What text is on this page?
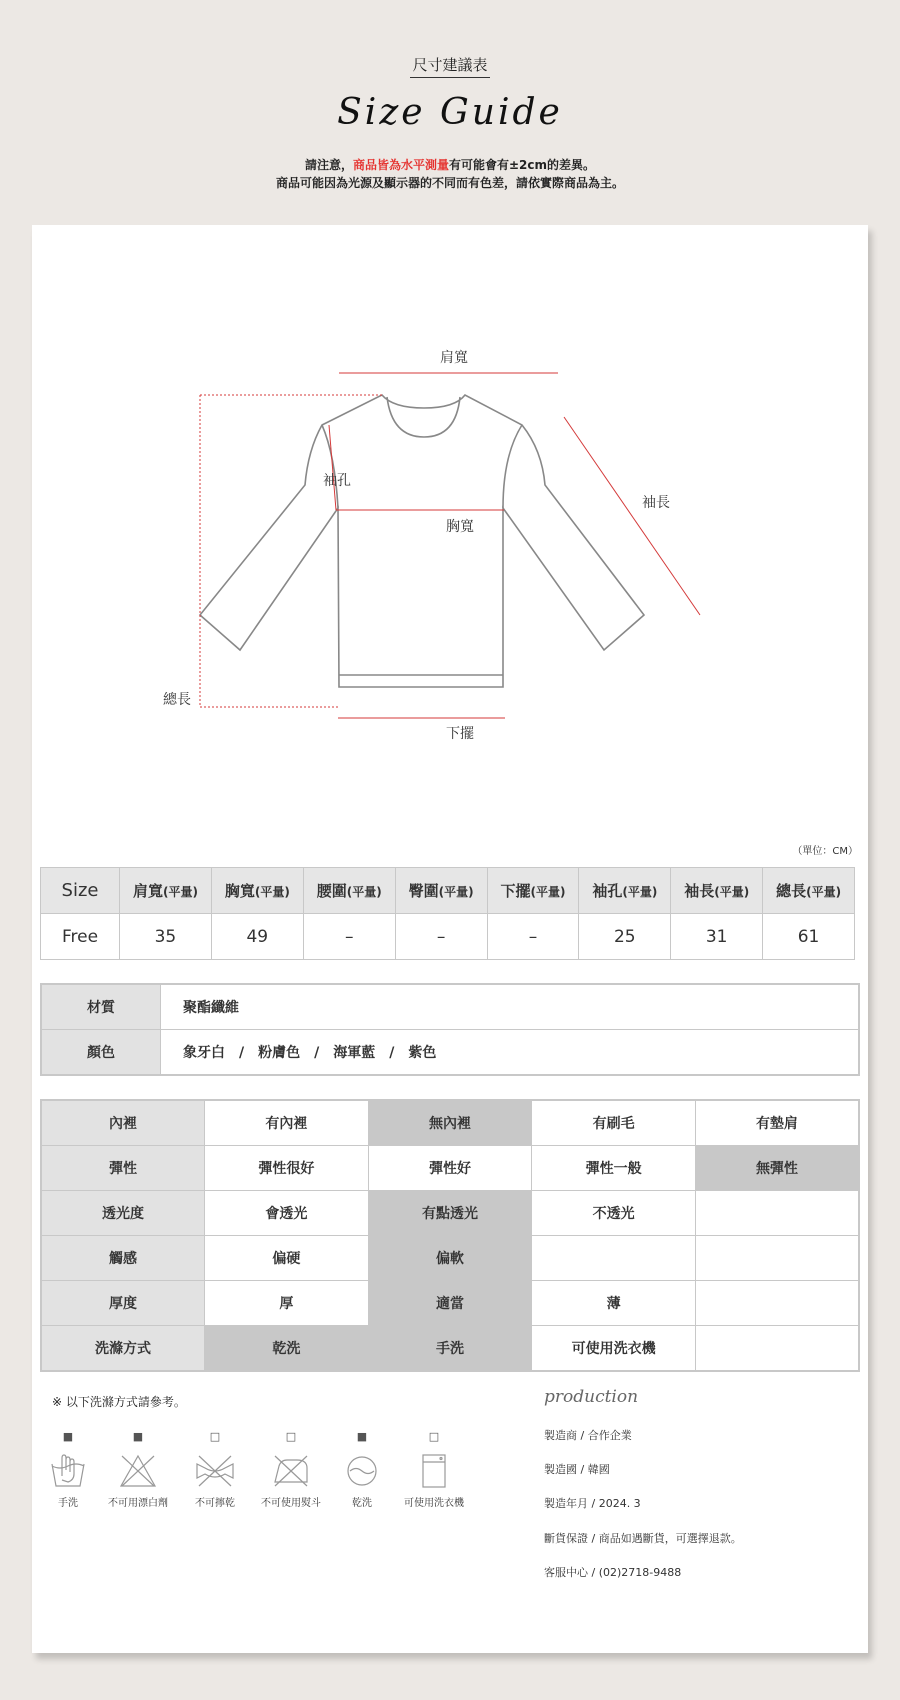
尺寸建議表
Size Guide
請注意，商品皆為水平測量有可能會有±2cm的差異。
商品可能因為光源及顯示器的不同而有色差，請依實際商品為主。
肩寬
袖孔
袖長
胸寬
總長
下擺
（單位：CM）
Size	肩寬(平量)	胸寬(平量)	腰圍(平量)	臀圍(平量)	下擺(平量)	袖孔(平量)	袖長(平量)	總長(平量)
Free	35	49	–	–	–	25	31	61
材質	聚酯纖維
顏色	象牙白　/　粉膚色　/　海軍藍　/　紫色
內裡	有內裡	無內裡	有刷毛	有墊肩
彈性	彈性很好	彈性好	彈性一般	無彈性
透光度	會透光	有點透光	不透光	
觸感	偏硬	偏軟		
厚度	厚	適當	薄	
洗滌方式	乾洗	手洗	可使用洗衣機	
※ 以下洗滌方式請參考。
■
手洗
■
不可用漂白劑
□
不可擰乾
□
不可使用熨斗
■
乾洗
□
可使用洗衣機
production
製造商 / 合作企業
製造國 / 韓國
製造年月 / 2024. 3
斷貨保證 / 商品如遇斷貨，可選擇退款。
客服中心 / (02)2718-9488
